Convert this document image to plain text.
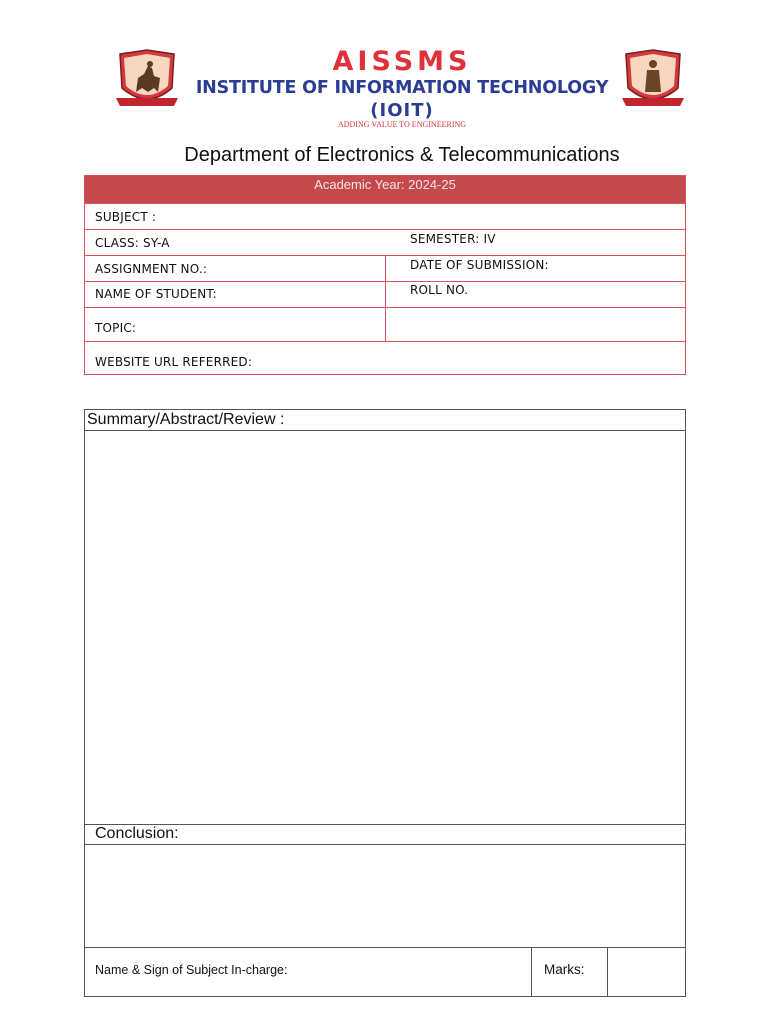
AISSMS
INSTITUTE OF INFORMATION TECHNOLOGY
(IOIT)
ADDING VALUE TO ENGINEERING
Department of Electronics & Telecommunications
Academic Year: 2024-25
SUBJECT :
CLASS: SY-A	SEMESTER: IV
ASSIGNMENT NO.:	DATE OF SUBMISSION:
NAME OF STUDENT:	ROLL NO.
TOPIC:
WEBSITE URL REFERRED:
Summary/Abstract/Review :
Conclusion:
Name & Sign of Subject In-charge:	Marks:
